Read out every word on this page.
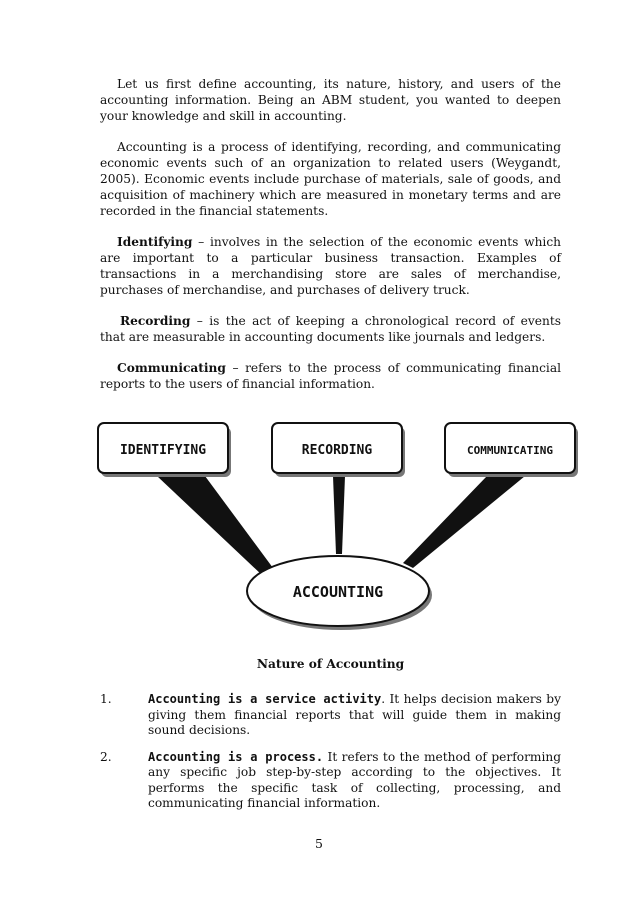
Let us first define accounting, its nature, history, and users of the accounting information. Being an ABM student, you wanted to deepen your knowledge and skill in accounting.

Accounting is a process of identifying, recording, and communicating economic events such of an organization to related users (Weygandt, 2005). Economic events include purchase of materials, sale of goods, and acquisition of machinery which are measured in monetary terms and are recorded in the financial statements.

Identifying – involves in the selection of the economic events which are important to a particular business transaction. Examples of transactions in a merchandising store are sales of merchandise, purchases of merchandise, and purchases of delivery truck.

Recording – is the act of keeping a chronological record of events that are measurable in accounting documents like journals and ledgers.

Communicating – refers to the process of communicating financial reports to the users of financial information.

IDENTIFYING	RECORDING	COMMUNICATING
ACCOUNTING
Nature of Accounting
1.	Accounting is a service activity. It helps decision makers by giving them financial reports that will guide them in making sound decisions.
2.	Accounting is a process. It refers to the method of performing any specific job step-by-step according to the objectives. It performs the specific task of collecting, processing, and communicating financial information.
5
